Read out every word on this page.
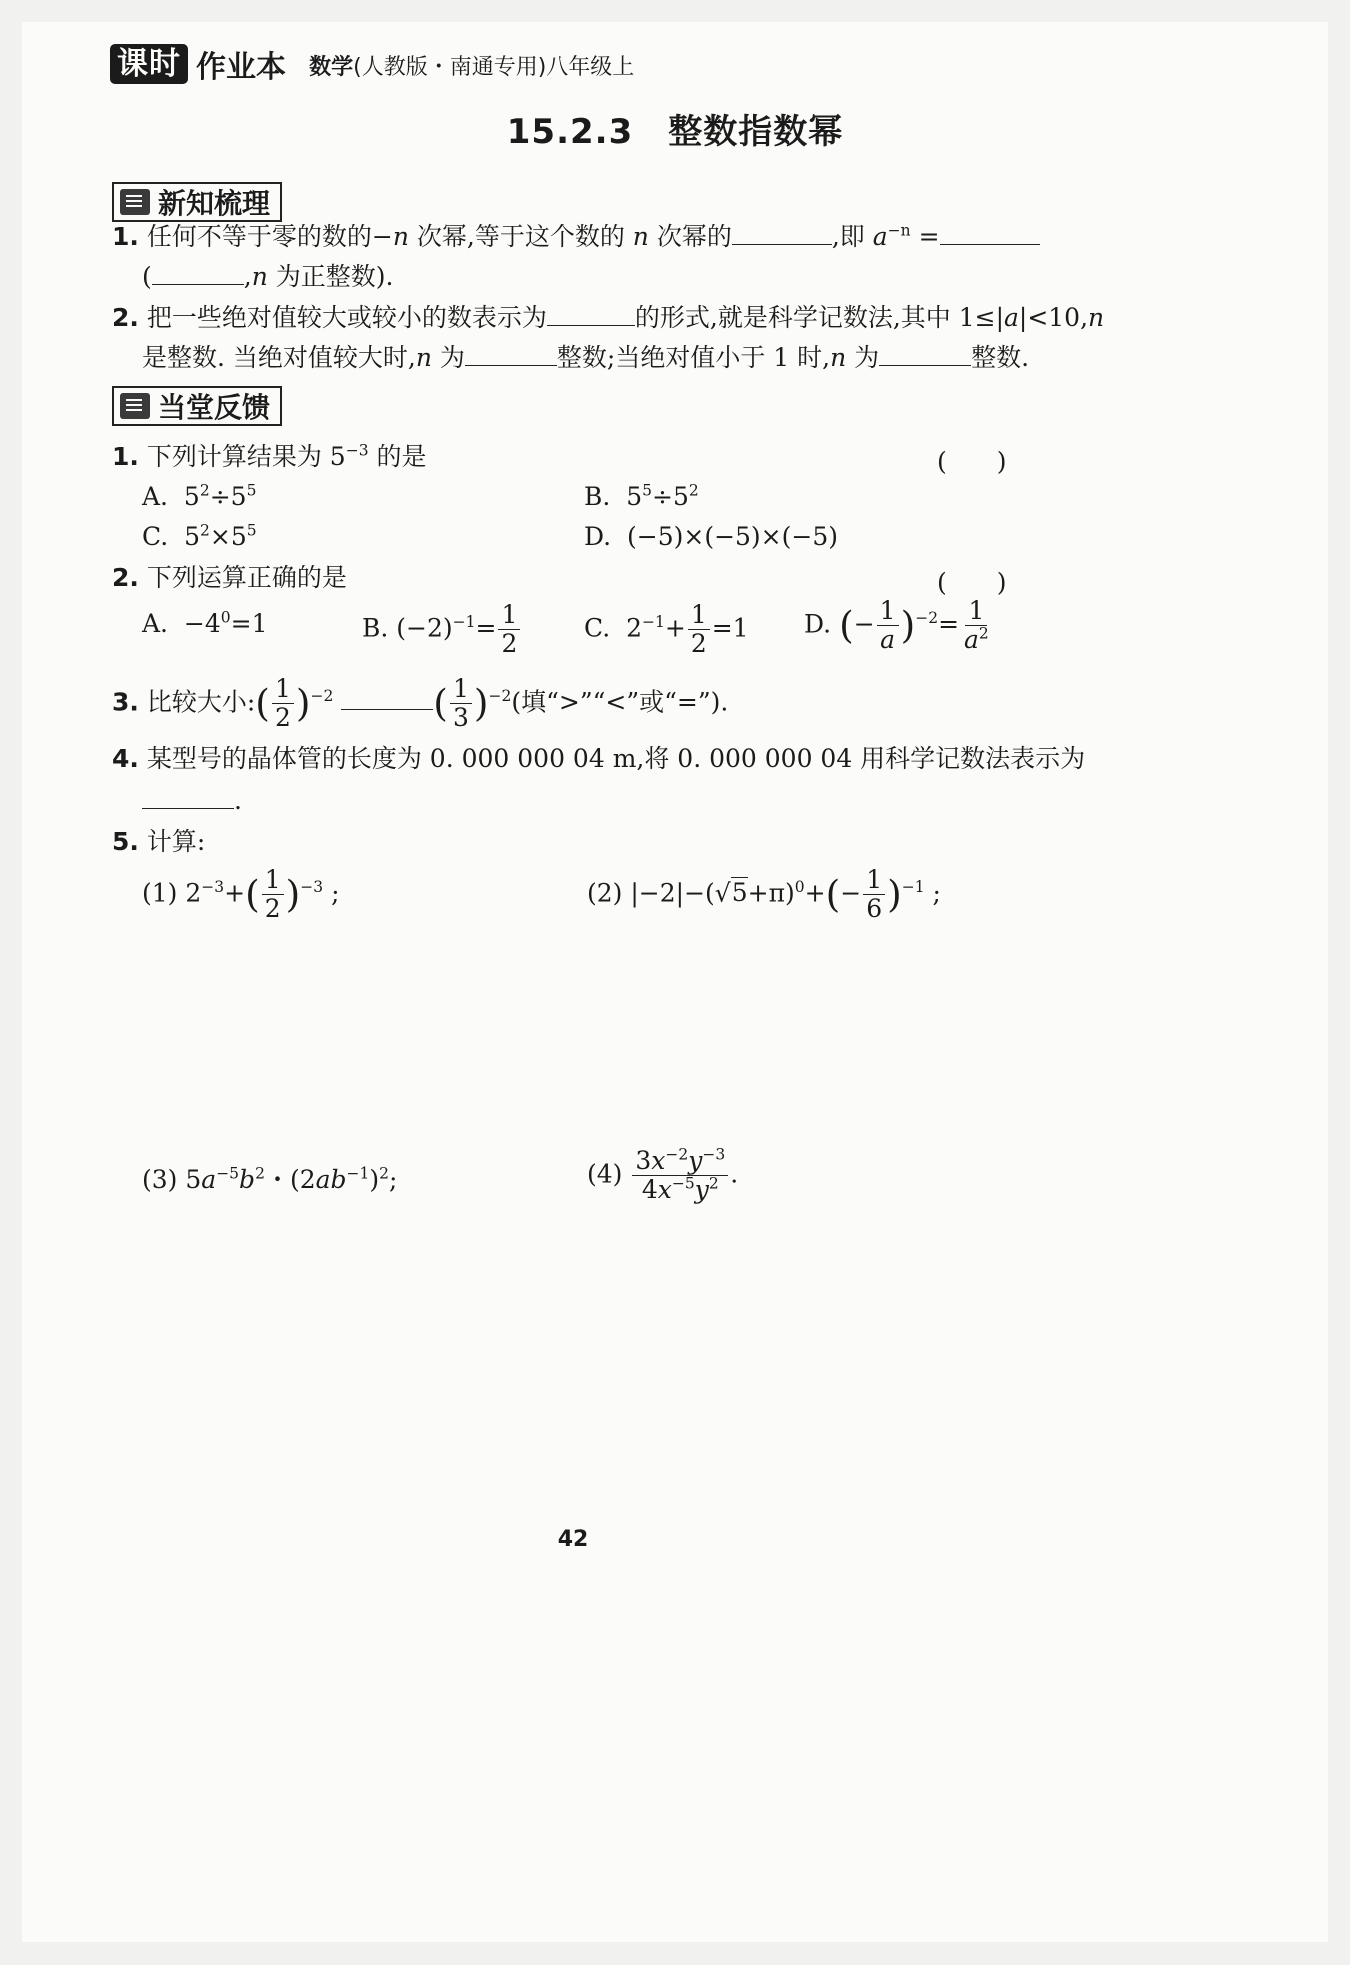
课时 作业本 数学(人教版・南通专用)八年级上
15.2.3　整数指数幂
新知梳理
1. 任何不等于零的数的−n 次幂,等于这个数的 n 次幂的	,即 $a^{-n}$ =
(	,n 为正整数).
2. 把一些绝对值较大或较小的数表示为	的形式,就是科学记数法,其中 1≤|a|<10,n
是整数. 当绝对值较大时,n 为	整数;当绝对值小于 1 时,n 为	整数.
当堂反馈
1. 下列计算结果为 $5^{-3}$ 的是	(　　)
A. $5^2\div 5^5$	B. $5^5\div 5^2$
C. $5^2\times 5^5$	D. (−5)×(−5)×(−5)
2. 下列运算正确的是	(　　)
A. $-4^0=1$	B. $(-2)^{-1}= \frac{1}{2}$	C. $2^{-1}+ \frac{1}{2} =1$ D. (− $\frac{1}{a} )^{-2}= \frac{1}{a^2}$
3. 比较大小:( $\frac{1}{2} )^{-2}$	( $\frac{1}{3} )^{-2}$(填“>”“<”或“=”).
4. 某型号的晶体管的长度为 0. 000 000 04 m,将 0. 000 000 04 用科学记数法表示为
.
5. 计算:
(1) $2^{-3}+( \frac{1}{2} )^{-3}$ ;	(2) $|-2|-(√5+\pi)^0+(- \frac{1}{6} )^{-1}$ ;
(3) $5a^{-5}b^2$・$(2ab^{-1})^2$;	$(4) \frac{3x^{-2}y^{-3}}{4x^{-5}y^2}$ .
42
